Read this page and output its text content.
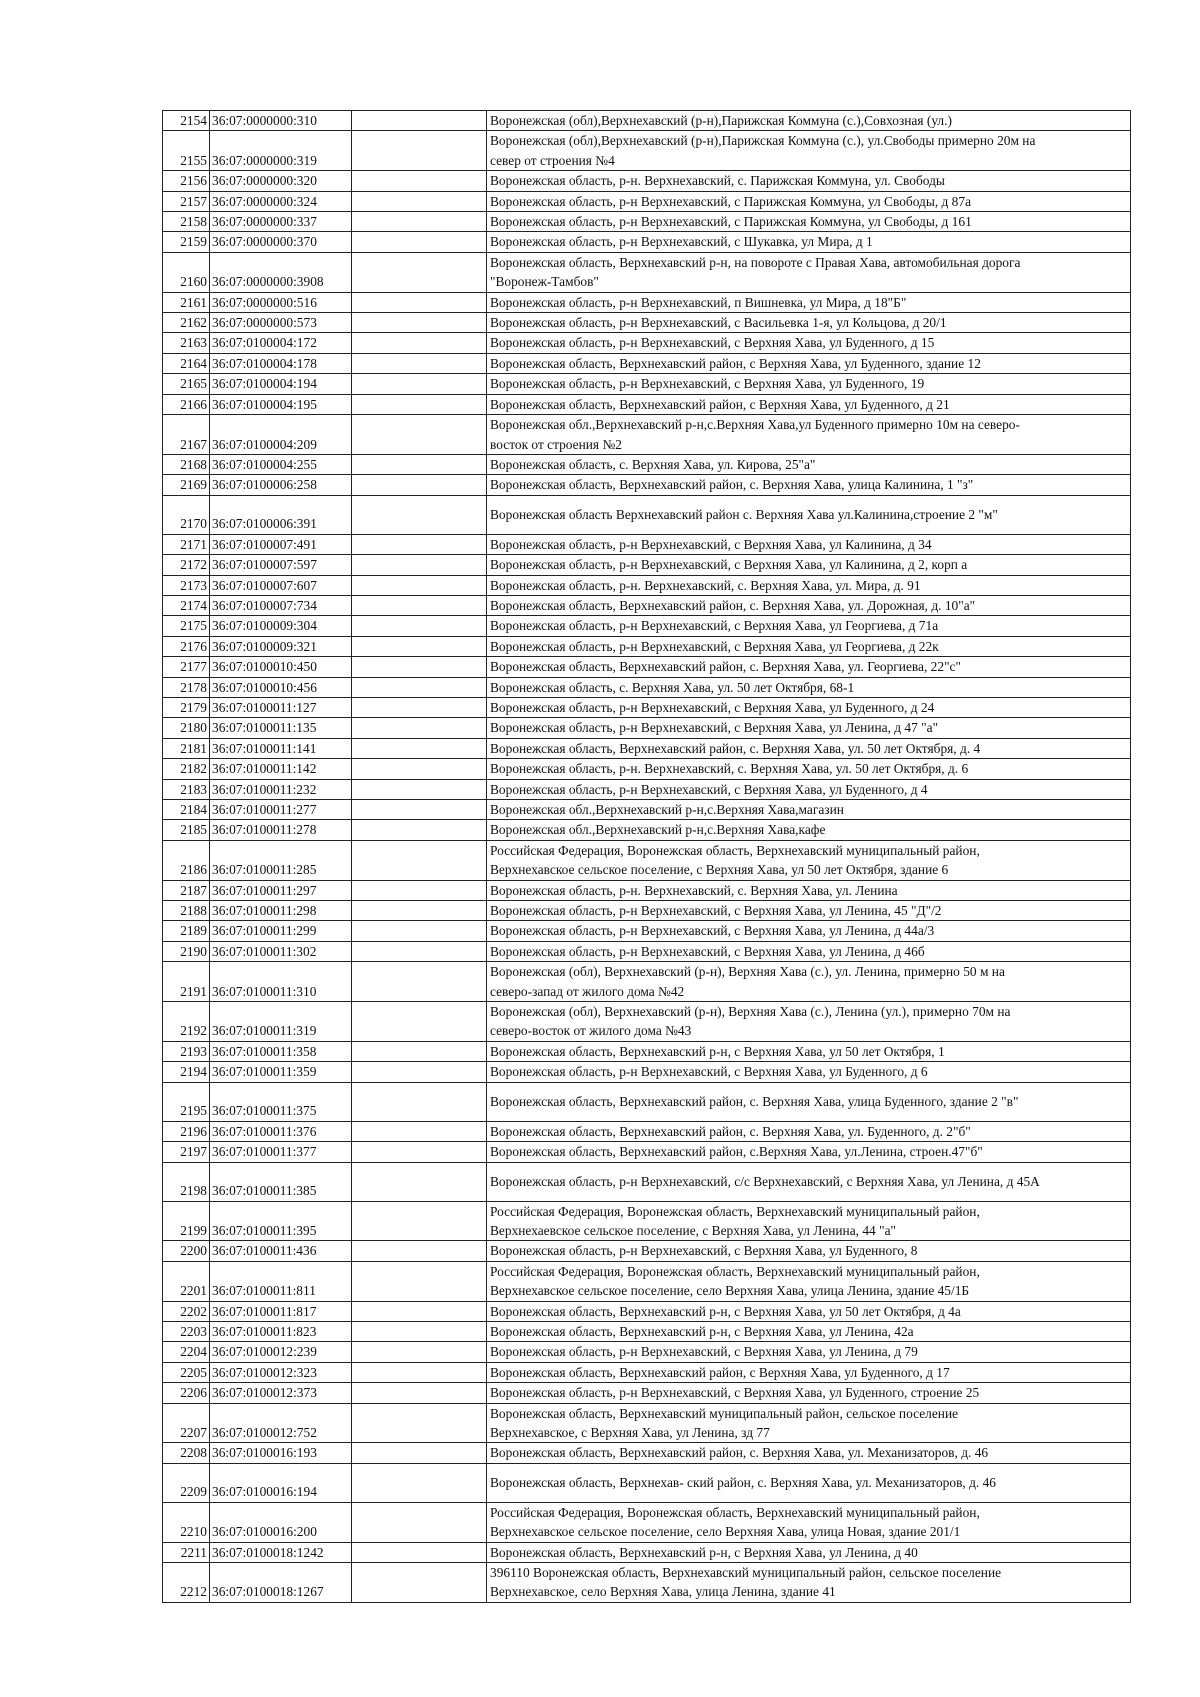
2154	36:07:0000000:310		Воронежская (обл),Верхнехавский (р-н),Парижская Коммуна (с.),Совхозная (ул.)
2155	36:07:0000000:319		Воронежская (обл),Верхнехавский (р-н),Парижская Коммуна (с.), ул.Свободы примерно 20м на
север от строения №4
2156	36:07:0000000:320		Воронежская область, р-н. Верхнехавский, с. Парижская Коммуна, ул. Свободы
2157	36:07:0000000:324		Воронежская область, р-н Верхнехавский, с Парижская Коммуна, ул Свободы, д 87а
2158	36:07:0000000:337		Воронежская область, р-н Верхнехавский, с Парижская Коммуна, ул Свободы, д 161
2159	36:07:0000000:370		Воронежская область, р-н Верхнехавский, с Шукавка, ул Мира, д 1
2160	36:07:0000000:3908		Воронежская область, Верхнехавский р-н, на повороте с Правая Хава, автомобильная дорога
"Воронеж-Тамбов"
2161	36:07:0000000:516		Воронежская область, р-н Верхнехавский, п Вишневка, ул Мира, д 18"Б"
2162	36:07:0000000:573		Воронежская область, р-н Верхнехавский, с Васильевка 1-я, ул Кольцова, д 20/1
2163	36:07:0100004:172		Воронежская область, р-н Верхнехавский, с Верхняя Хава, ул Буденного, д 15
2164	36:07:0100004:178		Воронежская область, Верхнехавский район, с Верхняя Хава, ул Буденного, здание 12
2165	36:07:0100004:194		Воронежская область, р-н Верхнехавский, с Верхняя Хава, ул Буденного, 19
2166	36:07:0100004:195		Воронежская область, Верхнехавский район, с Верхняя Хава, ул Буденного, д 21
2167	36:07:0100004:209		Воронежская обл.,Верхнехавский р-н,с.Верхняя Хава,ул Буденного примерно 10м на северо-
восток от строения №2
2168	36:07:0100004:255		Воронежская область, с. Верхняя Хава, ул. Кирова, 25"а"
2169	36:07:0100006:258		Воронежская область, Верхнехавский район, с. Верхняя Хава, улица Калинина, 1 "з"
2170	36:07:0100006:391		Воронежская область Верхнехавский район с. Верхняя Хава ул.Калинина,строение 2 "м"
2171	36:07:0100007:491		Воронежская область, р-н Верхнехавский, с Верхняя Хава, ул Калинина, д 34
2172	36:07:0100007:597		Воронежская область, р-н Верхнехавский, с Верхняя Хава, ул Калинина, д 2, корп а
2173	36:07:0100007:607		Воронежская область, р-н. Верхнехавский, с. Верхняя Хава, ул. Мира, д. 91
2174	36:07:0100007:734		Воронежская область, Верхнехавский район, с. Верхняя Хава, ул. Дорожная, д. 10"а"
2175	36:07:0100009:304		Воронежская область, р-н Верхнехавский, с Верхняя Хава, ул Георгиева, д 71а
2176	36:07:0100009:321		Воронежская область, р-н Верхнехавский, с Верхняя Хава, ул Георгиева, д 22к
2177	36:07:0100010:450		Воронежская область, Верхнехавский район, с. Верхняя Хава, ул. Георгиева, 22"с"
2178	36:07:0100010:456		Воронежская область, с. Верхняя Хава, ул. 50 лет Октября, 68-1
2179	36:07:0100011:127		Воронежская область, р-н Верхнехавский, с Верхняя Хава, ул Буденного, д 24
2180	36:07:0100011:135		Воронежская область, р-н Верхнехавский, с Верхняя Хава, ул Ленина, д 47 "а"
2181	36:07:0100011:141		Воронежская область, Верхнехавский район, с. Верхняя Хава, ул. 50 лет Октября, д. 4
2182	36:07:0100011:142		Воронежская область, р-н. Верхнехавский, с. Верхняя Хава, ул. 50 лет Октября, д. 6
2183	36:07:0100011:232		Воронежская область, р-н Верхнехавский, с Верхняя Хава, ул Буденного, д 4
2184	36:07:0100011:277		Воронежская обл.,Верхнехавский р-н,с.Верхняя Хава,магазин
2185	36:07:0100011:278		Воронежская обл.,Верхнехавский р-н,с.Верхняя Хава,кафе
2186	36:07:0100011:285		Российская Федерация, Воронежская область, Верхнехавский муниципальный район,
Верхнехавское сельское поселение, с Верхняя Хава, ул 50 лет Октября, здание 6
2187	36:07:0100011:297		Воронежская область, р-н. Верхнехавский, с. Верхняя Хава, ул. Ленина
2188	36:07:0100011:298		Воронежская область, р-н Верхнехавский, с Верхняя Хава, ул Ленина, 45 "Д"/2
2189	36:07:0100011:299		Воронежская область, р-н Верхнехавский, с Верхняя Хава, ул Ленина, д 44а/3
2190	36:07:0100011:302		Воронежская область, р-н Верхнехавский, с Верхняя Хава, ул Ленина, д 46б
2191	36:07:0100011:310		Воронежская (обл), Верхнехавский (р-н), Верхняя Хава (с.), ул. Ленина, примерно 50 м на
северо-запад от жилого дома №42
2192	36:07:0100011:319		Воронежская (обл), Верхнехавский (р-н), Верхняя Хава (с.), Ленина (ул.), примерно 70м на
северо-восток от жилого дома №43
2193	36:07:0100011:358		Воронежская область, Верхнехавский р-н, с Верхняя Хава, ул 50 лет Октября, 1
2194	36:07:0100011:359		Воронежская область, р-н Верхнехавский, с Верхняя Хава, ул Буденного, д 6
2195	36:07:0100011:375		Воронежская область, Верхнехавский район, с. Верхняя Хава, улица Буденного, здание 2 "в"
2196	36:07:0100011:376		Воронежская область, Верхнехавский район, с. Верхняя Хава, ул. Буденного, д. 2"б"
2197	36:07:0100011:377		Воронежская область, Верхнехавский район, с.Верхняя Хава, ул.Ленина, строен.47"б"
2198	36:07:0100011:385		Воронежская область, р-н Верхнехавский, с/с Верхнехавский, с Верхняя Хава, ул Ленина, д 45А
2199	36:07:0100011:395		Российская Федерация, Воронежская область, Верхнехавский муниципальный район,
Верхнехаевское сельское поселение, с Верхняя Хава, ул Ленина, 44 "а"
2200	36:07:0100011:436		Воронежская область, р-н Верхнехавский, с Верхняя Хава, ул Буденного, 8
2201	36:07:0100011:811		Российская Федерация, Воронежская область, Верхнехавский муниципальный район,
Верхнехавское сельское поселение, село Верхняя Хава, улица Ленина, здание 45/1Б
2202	36:07:0100011:817		Воронежская область, Верхнехавский р-н, с Верхняя Хава, ул 50 лет Октября, д 4а
2203	36:07:0100011:823		Воронежская область, Верхнехавский р-н, с Верхняя Хава, ул Ленина, 42а
2204	36:07:0100012:239		Воронежская область, р-н Верхнехавский, с Верхняя Хава, ул Ленина, д 79
2205	36:07:0100012:323		Воронежская область, Верхнехавский район, с Верхняя Хава, ул Буденного, д 17
2206	36:07:0100012:373		Воронежская область, р-н Верхнехавский, с Верхняя Хава, ул Буденного, строение 25
2207	36:07:0100012:752		Воронежская область, Верхнехавский муниципальный район, сельское поселение
Верхнехавское, с Верхняя Хава, ул Ленина, зд 77
2208	36:07:0100016:193		Воронежская область, Верхнехавский район, с. Верхняя Хава, ул. Механизаторов, д. 46
2209	36:07:0100016:194		Воронежская область, Верхнехав- ский район, с. Верхняя Хава, ул. Механизаторов, д. 46
2210	36:07:0100016:200		Российская Федерация, Воронежская область, Верхнехавский муниципальный район,
Верхнехавское сельское поселение, село Верхняя Хава, улица Новая, здание 201/1
2211	36:07:0100018:1242		Воронежская область, Верхнехавский р-н, с Верхняя Хава, ул Ленина, д 40
2212	36:07:0100018:1267		396110 Воронежская область, Верхнехавский муниципальный район, сельское поселение
Верхнехавское, село Верхняя Хава, улица Ленина, здание 41
